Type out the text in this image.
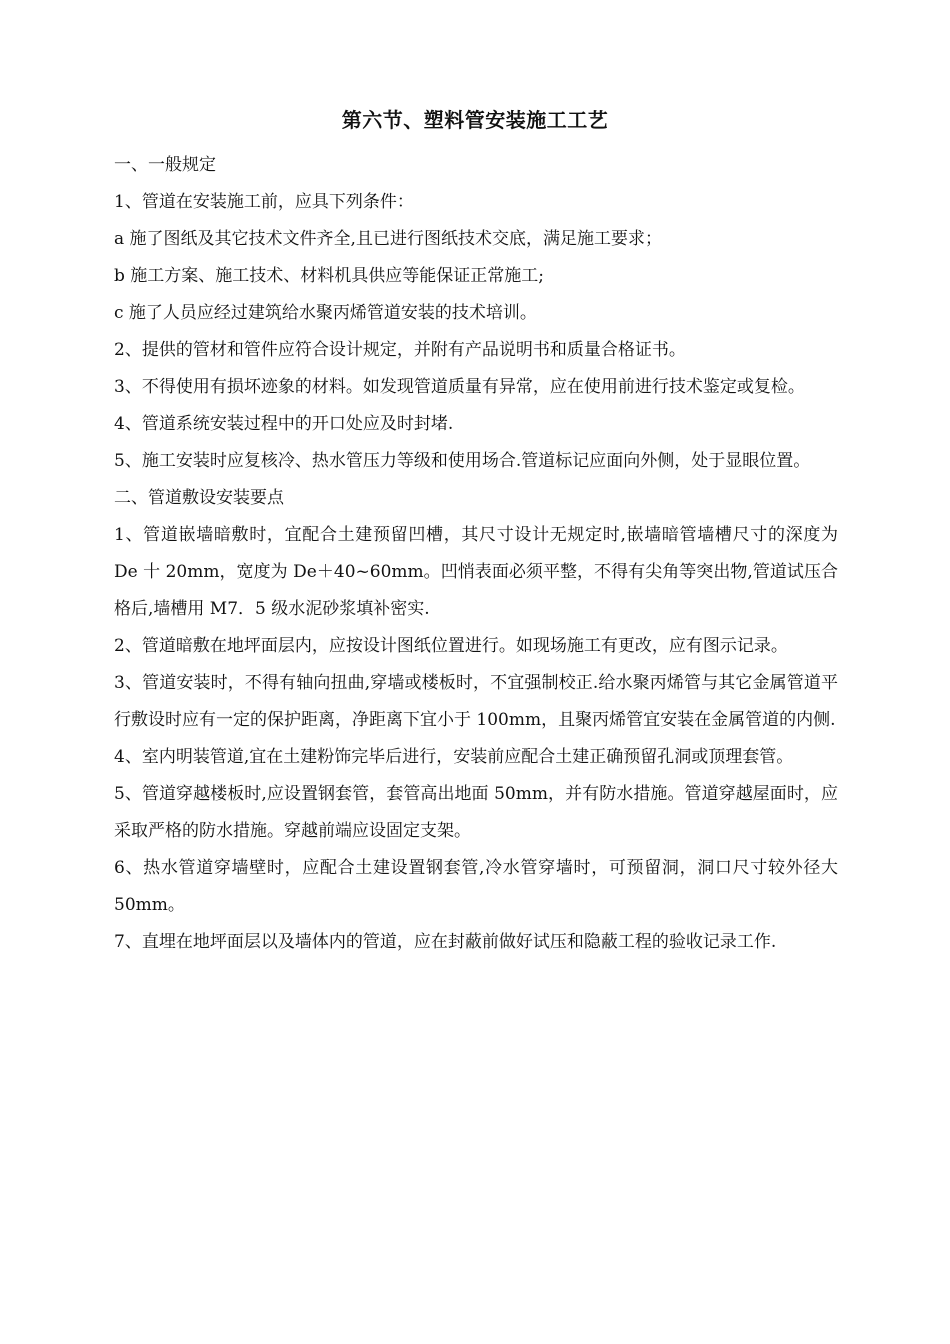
第六节、塑料管安装施工工艺
一、一般规定
1、管道在安装施工前，应具下列条件：
a 施了图纸及其它技术文件齐全,且已进行图纸技术交底，满足施工要求；
b 施工方案、施工技术、材料机具供应等能保证正常施工;
c 施了人员应经过建筑给水聚丙烯管道安装的技术培训。
2、提供的管材和管件应符合设计规定，并附有产品说明书和质量合格证书。
3、不得使用有损坏迹象的材料。如发现管道质量有异常，应在使用前进行技术鉴定或复检。
4、管道系统安装过程中的开口处应及时封堵.
5、施工安装时应复核冷、热水管压力等级和使用场合.管道标记应面向外侧，处于显眼位置。
二、管道敷设安装要点
1、管道嵌墙暗敷时，宜配合土建预留凹槽，其尺寸设计无规定时,嵌墙暗管墙槽尺寸的深度为 De 十 20mm，宽度为 De＋40~60mm。凹悄表面必须平整，不得有尖角等突出物,管道试压合格后,墙槽用 M7．5 级水泥砂浆填补密实.
2、管道暗敷在地坪面层内，应按设计图纸位置进行。如现场施工有更改，应有图示记录。
3、管道安装时，不得有轴向扭曲,穿墙或楼板时，不宜强制校正.给水聚丙烯管与其它金属管道平行敷设时应有一定的保护距离，净距离下宜小于 100mm，且聚丙烯管宜安装在金属管道的内侧.
4、室内明装管道,宜在土建粉饰完毕后进行，安装前应配合土建正确预留孔洞或顶理套管。
5、管道穿越楼板时,应设置钢套管，套管高出地面 50mm，并有防水措施。管道穿越屋面时，应采取严格的防水措施。穿越前端应设固定支架。
6、热水管道穿墙壁时，应配合土建设置钢套管,冷水管穿墙时，可预留洞，洞口尺寸较外径大 50mm。
7、直埋在地坪面层以及墙体内的管道，应在封蔽前做好试压和隐蔽工程的验收记录工作.
